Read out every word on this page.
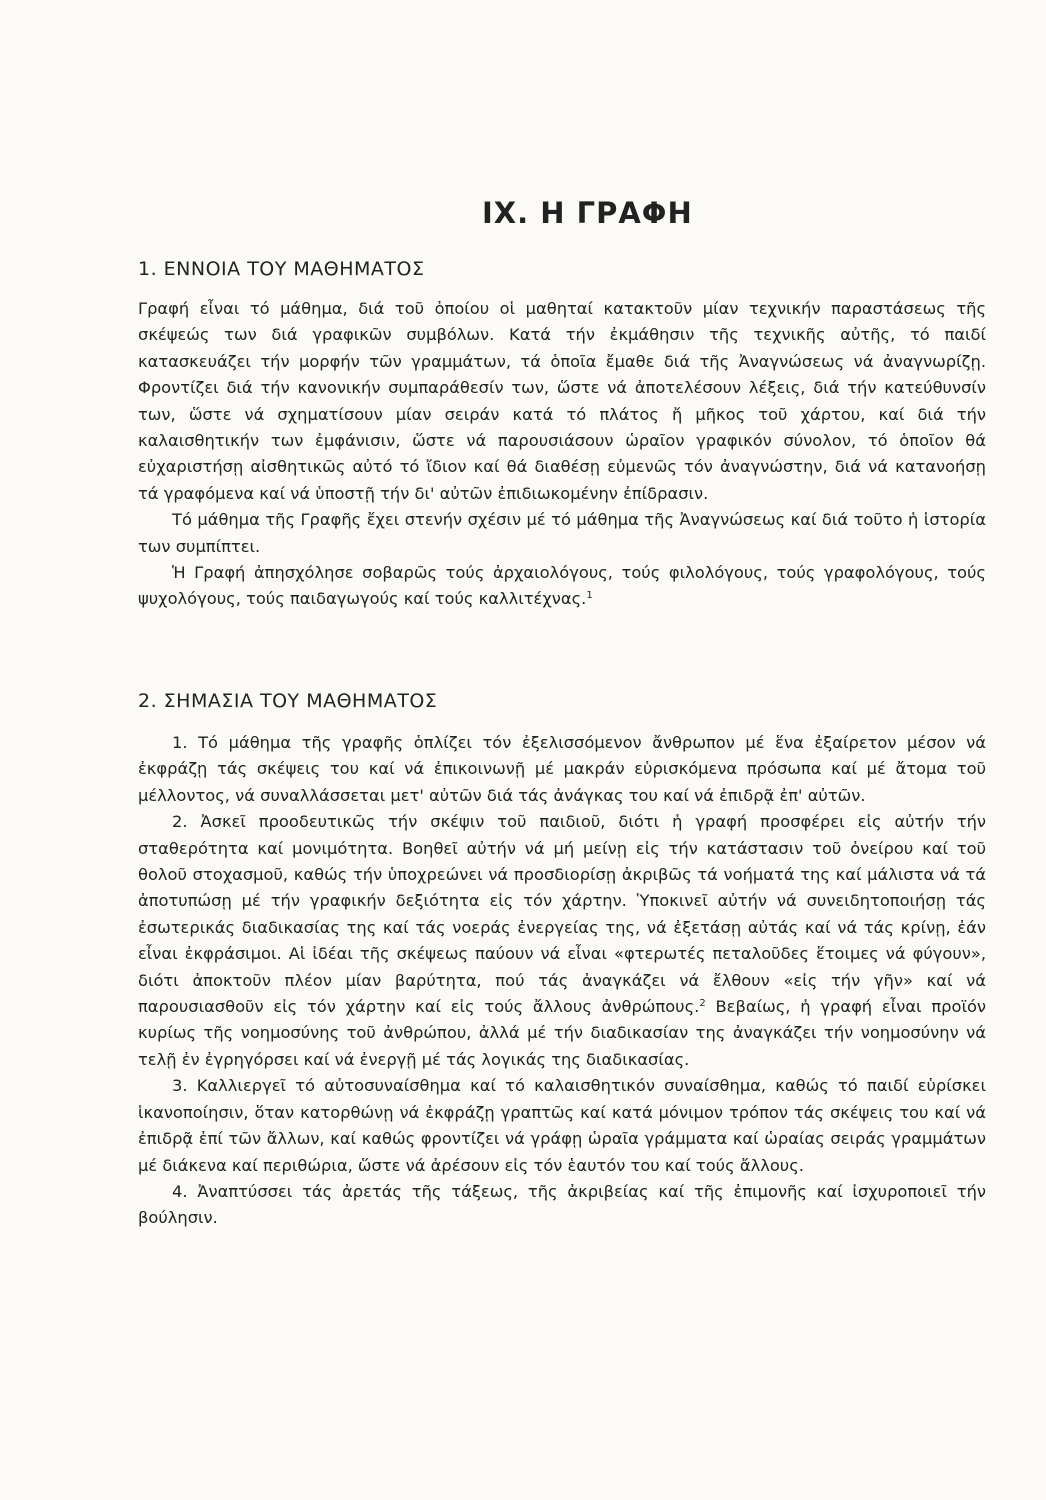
IX. Η ΓΡΑΦΗ
1. ΕΝΝΟΙΑ ΤΟΥ ΜΑΘΗΜΑΤΟΣ

Γραφή εἶναι τό μάθημα, διά τοῦ ὁποίου οἱ μαθηταί κατακτοῦν μίαν τεχνικήν παραστάσεως τῆς σκέψεώς των διά γραφικῶν συμβόλων. Κατά τήν ἐκμάθησιν τῆς τεχνικῆς αὐτῆς, τό παιδί κατασκευάζει τήν μορφήν τῶν γραμμάτων, τά ὁποῖα ἔμαθε διά τῆς Ἀναγνώσεως νά ἀναγνωρίζῃ. Φροντίζει διά τήν κανονικήν συμπαράθεσίν των, ὥστε νά ἀποτελέσουν λέξεις, διά τήν κατεύθυνσίν των, ὥστε νά σχηματίσουν μίαν σειράν κατά τό πλάτος ἤ μῆκος τοῦ χάρτου, καί διά τήν καλαισθητικήν των ἐμφάνισιν, ὥστε νά παρουσιάσουν ὡραῖον γραφικόν σύνολον, τό ὁποῖον θά εὐχαριστήσῃ αἰσθητικῶς αὐτό τό ἴδιον καί θά διαθέσῃ εὐμενῶς τόν ἀναγνώστην, διά νά κατανοήσῃ τά γραφόμενα καί νά ὑποστῇ τήν δι' αὐτῶν ἐπιδιωκομένην ἐπίδρασιν.

Τό μάθημα τῆς Γραφῆς ἔχει στενήν σχέσιν μέ τό μάθημα τῆς Ἀναγνώσεως καί διά τοῦτο ἡ ἱστορία των συμπίπτει.

Ἡ Γραφή ἀπησχόλησε σοβαρῶς τούς ἀρχαιολόγους, τούς φιλολόγους, τούς γραφολόγους, τούς ψυχολόγους, τούς παιδαγωγούς καί τούς καλλιτέχνας.$^1$

2. ΣΗΜΑΣΙΑ ΤΟΥ ΜΑΘΗΜΑΤΟΣ

1. Τό μάθημα τῆς γραφῆς ὁπλίζει τόν ἐξελισσόμενον ἄνθρωπον μέ ἕνα ἐξαίρετον μέσον νά ἐκφράζῃ τάς σκέψεις του καί νά ἐπικοινωνῇ μέ μακράν εὑρισκόμενα πρόσωπα καί μέ ἄτομα τοῦ μέλλοντος, νά συναλλάσσεται μετ' αὐτῶν διά τάς ἀνάγκας του καί νά ἐπιδρᾷ ἐπ' αὐτῶν.

2. Ἀσκεῖ προοδευτικῶς τήν σκέψιν τοῦ παιδιοῦ, διότι ἡ γραφή προσφέρει εἰς αὐτήν τήν σταθερότητα καί μονιμότητα. Βοηθεῖ αὐτήν νά μή μείνῃ εἰς τήν κατάστασιν τοῦ ὀνείρου καί τοῦ θολοῦ στοχασμοῦ, καθώς τήν ὑποχρεώνει νά προσδιορίσῃ ἀκριβῶς τά νοήματά της καί μάλιστα νά τά ἀποτυπώσῃ μέ τήν γραφικήν δεξιότητα εἰς τόν χάρτην. Ὑποκινεῖ αὐτήν νά συνειδητοποιήσῃ τάς ἐσωτερικάς διαδικασίας της καί τάς νοεράς ἐνεργείας της, νά ἐξετάσῃ αὐτάς καί νά τάς κρίνῃ, ἐάν εἶναι ἐκφράσιμοι. Αἱ ἰδέαι τῆς σκέψεως παύουν νά εἶναι «φτερωτές πεταλοῦδες ἕτοιμες νά φύγουν», διότι ἀποκτοῦν πλέον μίαν βαρύτητα, πού τάς ἀναγκάζει νά ἔλθουν «εἰς τήν γῆν» καί νά παρουσιασθοῦν εἰς τόν χάρτην καί εἰς τούς ἄλλους ἀνθρώπους.$^2$ Βεβαίως, ἡ γραφή εἶναι προϊόν κυρίως τῆς νοημοσύνης τοῦ ἀνθρώπου, ἀλλά μέ τήν διαδικασίαν της ἀναγκάζει τήν νοημοσύνην νά τελῇ ἐν ἐγρηγόρσει καί νά ἐνεργῇ μέ τάς λογικάς της διαδικασίας.

3. Καλλιεργεῖ τό αὐτοσυναίσθημα καί τό καλαισθητικόν συναίσθημα, καθώς τό παιδί εὑρίσκει ἱκανοποίησιν, ὅταν κατορθώνῃ νά ἐκφράζῃ γραπτῶς καί κατά μόνιμον τρόπον τάς σκέψεις του καί νά ἐπιδρᾷ ἐπί τῶν ἄλλων, καί καθώς φροντίζει νά γράφῃ ὡραῖα γράμματα καί ὡραίας σειράς γραμμάτων μέ διάκενα καί περιθώρια, ὥστε νά ἀρέσουν εἰς τόν ἑαυτόν του καί τούς ἄλλους.

4. Ἀναπτύσσει τάς ἀρετάς τῆς τάξεως, τῆς ἀκριβείας καί τῆς ἐπιμονῆς καί ἰσχυροποιεῖ τήν βούλησιν.
